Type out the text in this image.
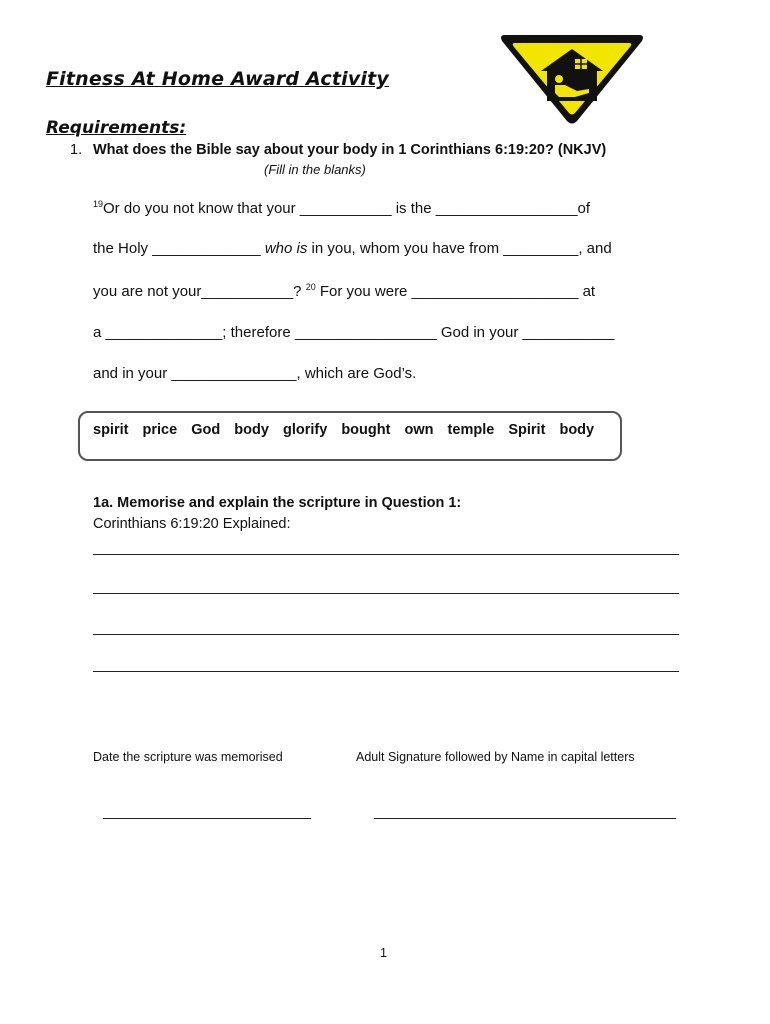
Fitness At Home Award Activity
Requirements:
1. What does the Bible say about your body in 1 Corinthians 6:19:20? (NKJV)
(Fill in the blanks)
$^{19}$Or do you not know that your ___________ is the _________________of
the Holy _____________ who is in you, whom you have from _________, and
you are not your___________? $^{20}$ For you were ____________________ at
a ______________; therefore _________________ God in your ___________
and in your _______________, which are God’s.
spirit  price  God  body  glorify  bought  own  temple  Spirit  body
1a. Memorise and explain the scripture in Question 1:
Corinthians 6:19:20 Explained:
Date the scripture was memorised	Adult Signature followed by Name in capital letters
1
